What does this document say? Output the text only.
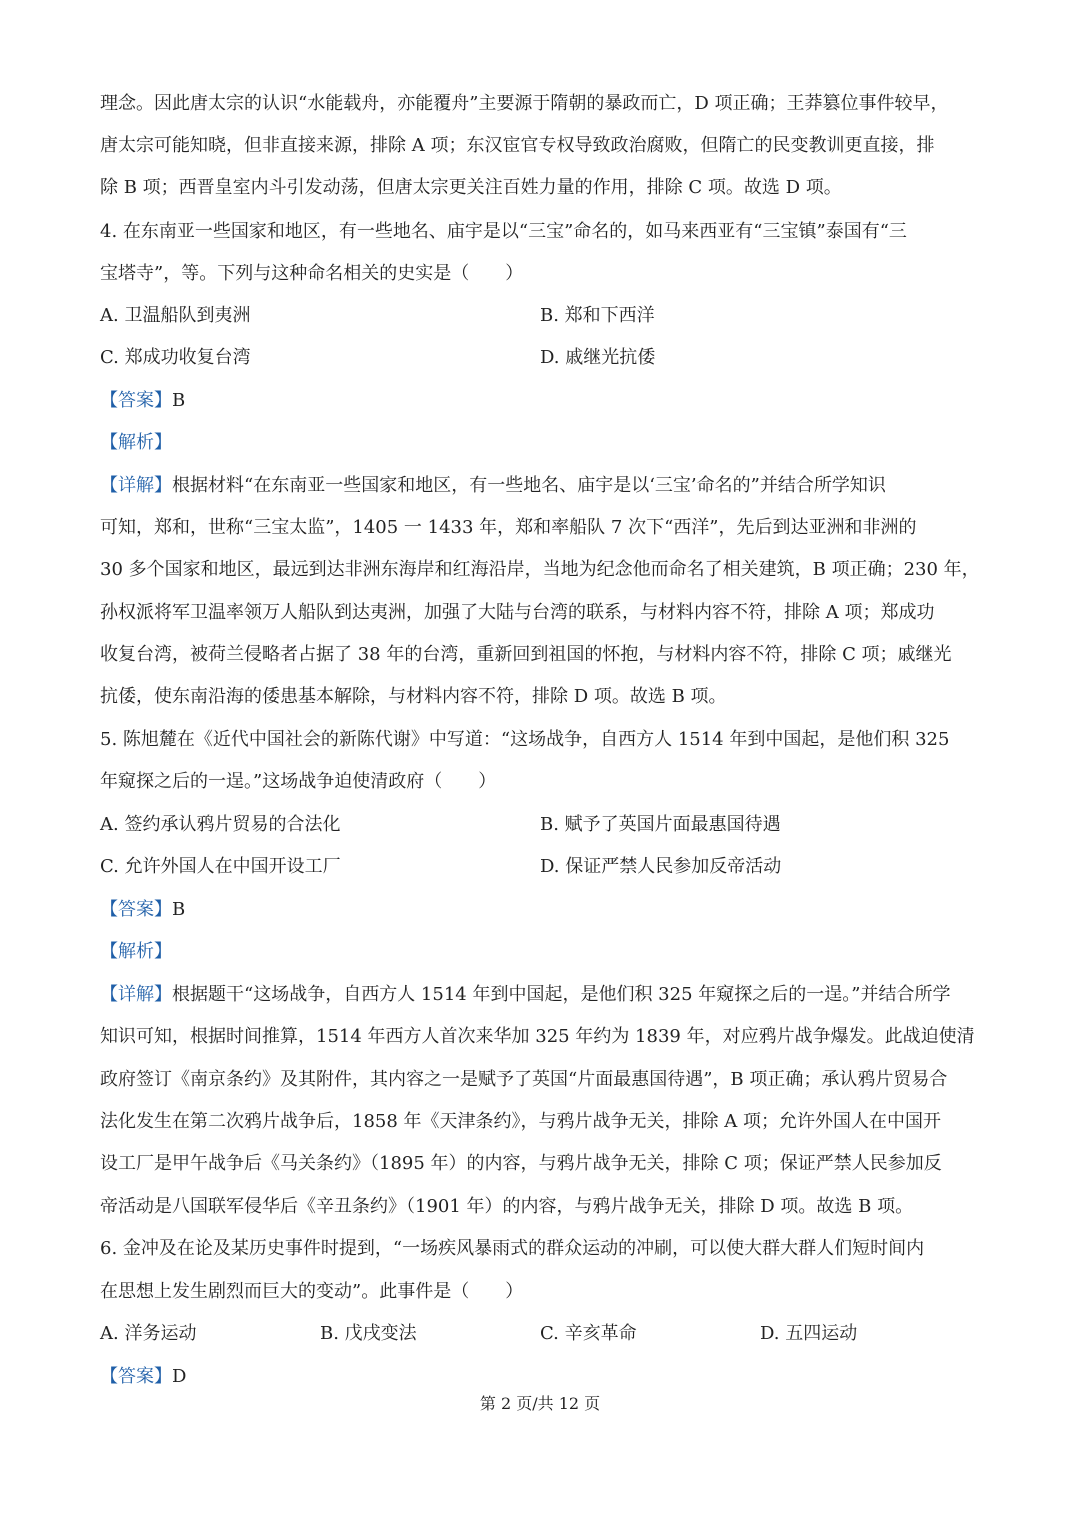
理念。因此唐太宗的认识“水能载舟，亦能覆舟”主要源于隋朝的暴政而亡，D 项正确；王莽篡位事件较早，
唐太宗可能知晓，但非直接来源，排除 A 项；东汉宦官专权导致政治腐败，但隋亡的民变教训更直接，排
除 B 项；西晋皇室内斗引发动荡，但唐太宗更关注百姓力量的作用，排除 C 项。故选 D 项。
4. 在东南亚一些国家和地区，有一些地名、庙宇是以“三宝”命名的，如马来西亚有“三宝镇”泰国有“三
宝塔寺”，等。下列与这种命名相关的史实是（　　）
A. 卫温船队到夷洲	B. 郑和下西洋
C. 郑成功收复台湾	D. 戚继光抗倭
【答案】B
【解析】
【详解】根据材料“在东南亚一些国家和地区，有一些地名、庙宇是以‘三宝’命名的”并结合所学知识
可知，郑和，世称“三宝太监”，1405 一 1433 年，郑和率船队 7 次下“西洋”，先后到达亚洲和非洲的
30 多个国家和地区，最远到达非洲东海岸和红海沿岸，当地为纪念他而命名了相关建筑，B 项正确；230 年，
孙权派将军卫温率领万人船队到达夷洲，加强了大陆与台湾的联系，与材料内容不符，排除 A 项；郑成功
收复台湾，被荷兰侵略者占据了 38 年的台湾，重新回到祖国的怀抱，与材料内容不符，排除 C 项；戚继光
抗倭，使东南沿海的倭患基本解除，与材料内容不符，排除 D 项。故选 B 项。
5. 陈旭麓在《近代中国社会的新陈代谢》中写道：“这场战争，自西方人 1514 年到中国起，是他们积 325
年窥探之后的一逞。”这场战争迫使清政府（　　）
A. 签约承认鸦片贸易的合法化	B. 赋予了英国片面最惠国待遇
C. 允许外国人在中国开设工厂	D. 保证严禁人民参加反帝活动
【答案】B
【解析】
【详解】根据题干“这场战争，自西方人 1514 年到中国起，是他们积 325 年窥探之后的一逞。”并结合所学
知识可知，根据时间推算，1514 年西方人首次来华加 325 年约为 1839 年，对应鸦片战争爆发。此战迫使清
政府签订《南京条约》及其附件，其内容之一是赋予了英国“片面最惠国待遇”，B 项正确；承认鸦片贸易合
法化发生在第二次鸦片战争后，1858 年《天津条约》，与鸦片战争无关，排除 A 项；允许外国人在中国开
设工厂是甲午战争后《马关条约》（1895 年）的内容，与鸦片战争无关，排除 C 项；保证严禁人民参加反
帝活动是八国联军侵华后《辛丑条约》（1901 年）的内容，与鸦片战争无关，排除 D 项。故选 B 项。
6. 金冲及在论及某历史事件时提到，“一场疾风暴雨式的群众运动的冲刷，可以使大群大群人们短时间内
在思想上发生剧烈而巨大的变动”。此事件是（　　）
A. 洋务运动	B. 戊戌变法	C. 辛亥革命	D. 五四运动
【答案】D
第 2 页/共 12 页
